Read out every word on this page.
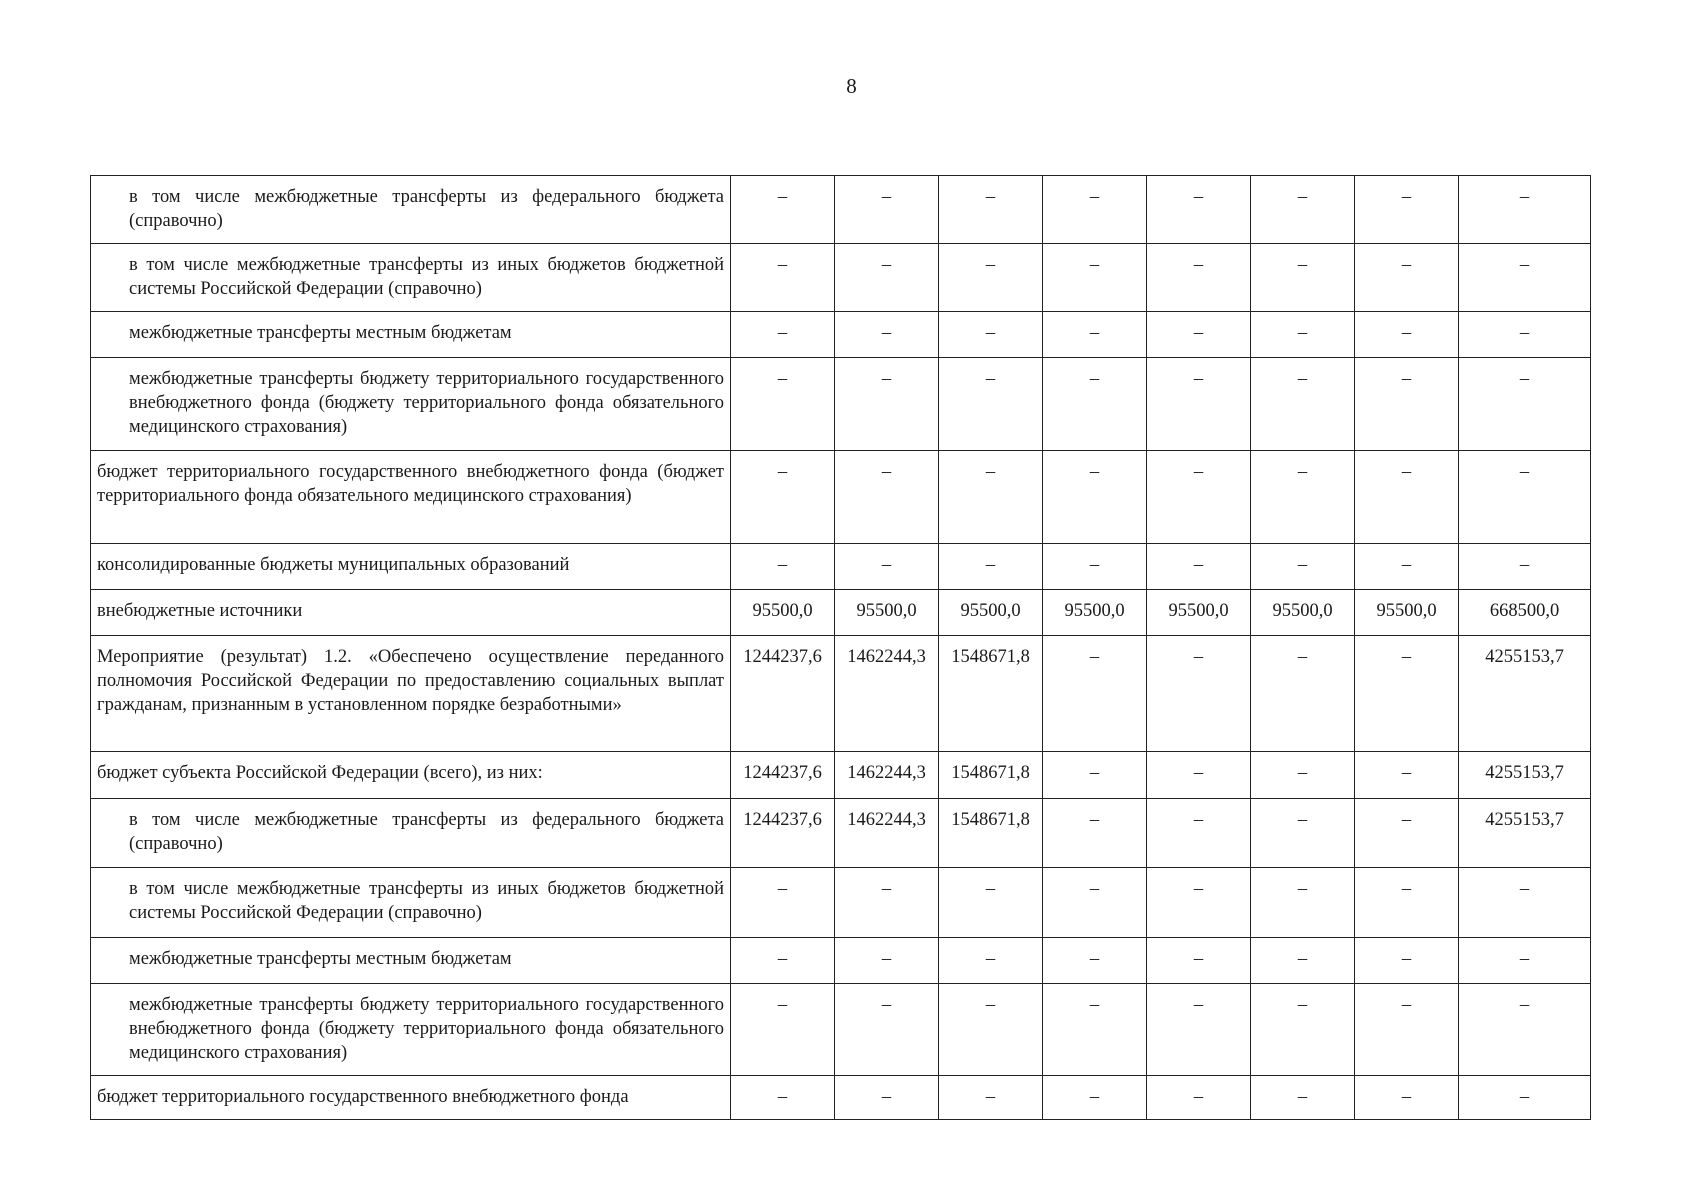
8
в том числе межбюджетные трансферты из федерального бюджета (справочно)	–	–	–	–	–	–	–	–
в том числе межбюджетные трансферты из иных бюджетов бюджетной системы Российской Федерации (справочно)	–	–	–	–	–	–	–	–
межбюджетные трансферты местным бюджетам	–	–	–	–	–	–	–	–
межбюджетные трансферты бюджету территориального государственного внебюджетного фонда (бюджету территориального фонда обязательного медицинского страхования)	–	–	–	–	–	–	–	–
бюджет территориального государственного внебюджетного фонда (бюджет территориального фонда обязательного медицинского страхования)	–	–	–	–	–	–	–	–
консолидированные бюджеты муниципальных образований	–	–	–	–	–	–	–	–
внебюджетные источники	95500,0	95500,0	95500,0	95500,0	95500,0	95500,0	95500,0	668500,0
Мероприятие (результат) 1.2. «Обеспечено осуществление переданного полномочия Российской Федерации по предоставлению социальных выплат гражданам, признанным в установленном порядке безработными»	1244237,6	1462244,3	1548671,8	–	–	–	–	4255153,7
бюджет субъекта Российской Федерации (всего), из них:	1244237,6	1462244,3	1548671,8	–	–	–	–	4255153,7
в том числе межбюджетные трансферты из федерального бюджета (справочно)	1244237,6	1462244,3	1548671,8	–	–	–	–	4255153,7
в том числе межбюджетные трансферты из иных бюджетов бюджетной системы Российской Федерации (справочно)	–	–	–	–	–	–	–	–
межбюджетные трансферты местным бюджетам	–	–	–	–	–	–	–	–
межбюджетные трансферты бюджету территориального государственного внебюджетного фонда (бюджету территориального фонда обязательного медицинского страхования)	–	–	–	–	–	–	–	–
бюджет территориального государственного внебюджетного фонда	–	–	–	–	–	–	–	–
